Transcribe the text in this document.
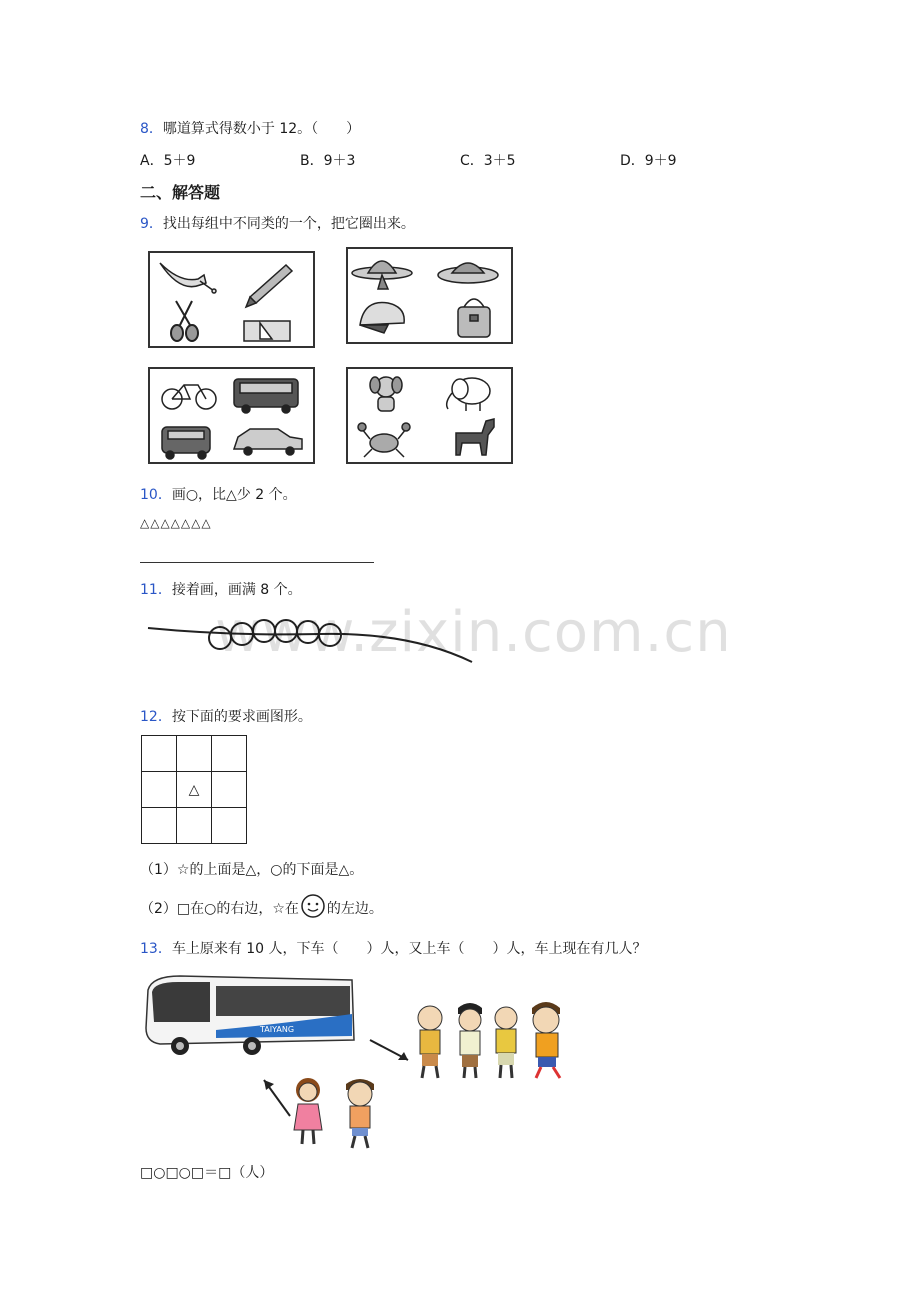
8．哪道算式得数小于 12。（　　）
A．5＋9	B．9＋3	C．3＋5	D．9＋9
二、解答题
9．找出每组中不同类的一个，把它圈出来。
10．画○，比△少 2 个。
△△△△△△△
11．接着画，画满 8 个。
www.zixin.com.cn
12．按下面的要求画图形。

	△	

（1）☆的上面是△，○的下面是△。
（2）□在○的右边，☆在 的左边。
13．车上原来有 10 人，下车（　　）人，又上车（　　）人，车上现在有几人？
TAIYANG
□○□○□＝□（人）
